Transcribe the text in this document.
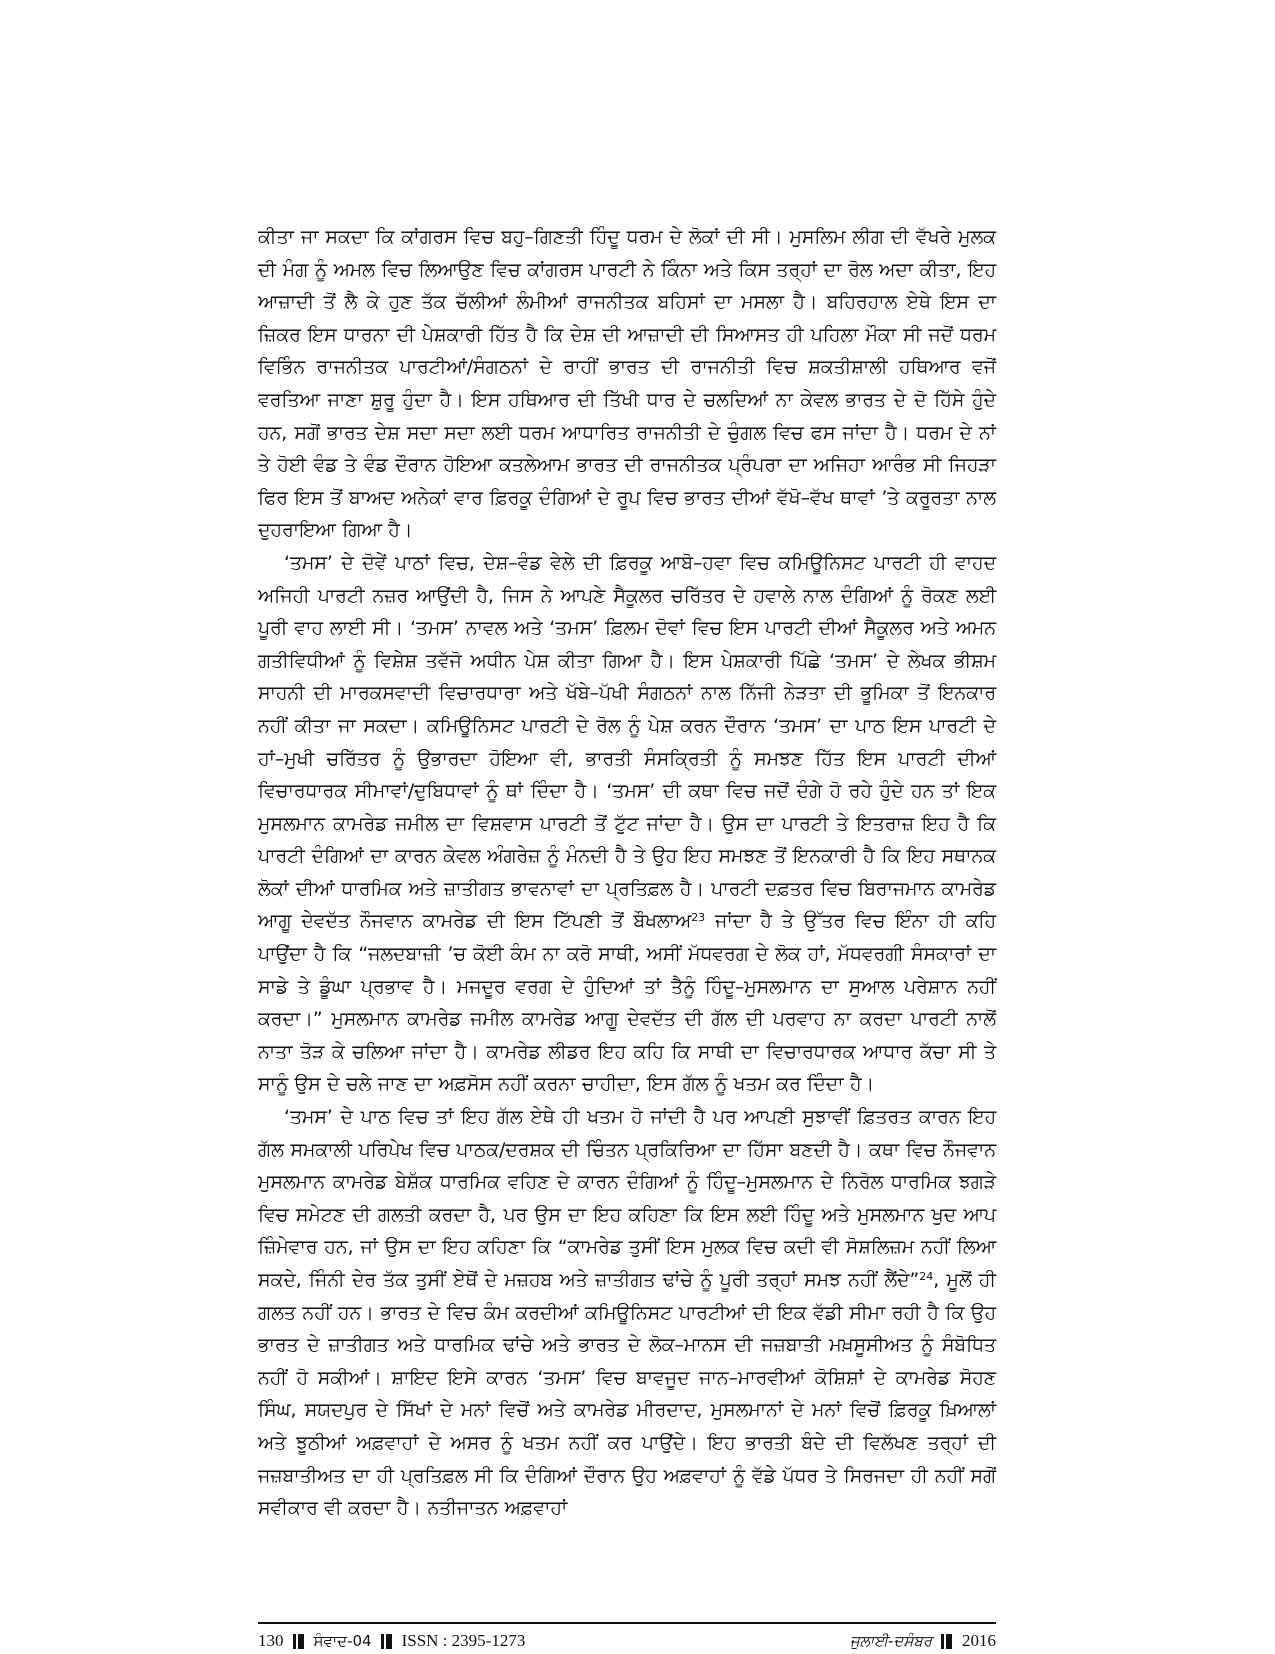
ਕੀਤਾ ਜਾ ਸਕਦਾ ਕਿ ਕਾਂਗਰਸ ਵਿਚ ਬਹੁ–ਗਿਣਤੀ ਹਿੰਦੂ ਧਰਮ ਦੇ ਲੋਕਾਂ ਦੀ ਸੀ। ਮੁਸਲਿਮ ਲੀਗ ਦੀ ਵੱਖਰੇ ਮੁਲਕ ਦੀ ਮੰਗ ਨੂੰ ਅਮਲ ਵਿਚ ਲਿਆਉਣ ਵਿਚ ਕਾਂਗਰਸ ਪਾਰਟੀ ਨੇ ਕਿੰਨਾ ਅਤੇ ਕਿਸ ਤਰ੍ਹਾਂ ਦਾ ਰੋਲ ਅਦਾ ਕੀਤਾ, ਇਹ ਆਜ਼ਾਦੀ ਤੋਂ ਲੈ ਕੇ ਹੁਣ ਤੱਕ ਚੱਲੀਆਂ ਲੰਮੀਆਂ ਰਾਜਨੀਤਕ ਬਹਿਸਾਂ ਦਾ ਮਸਲਾ ਹੈ। ਬਹਿਰਹਾਲ ਏਥੇ ਇਸ ਦਾ ਜ਼ਿਕਰ ਇਸ ਧਾਰਨਾ ਦੀ ਪੇਸ਼ਕਾਰੀ ਹਿੱਤ ਹੈ ਕਿ ਦੇਸ਼ ਦੀ ਆਜ਼ਾਦੀ ਦੀ ਸਿਆਸਤ ਹੀ ਪਹਿਲਾ ਮੌਕਾ ਸੀ ਜਦੋਂ ਧਰਮ ਵਿਭਿੰਨ ਰਾਜਨੀਤਕ ਪਾਰਟੀਆਂ/ਸੰਗਠਨਾਂ ਦੇ ਰਾਹੀਂ ਭਾਰਤ ਦੀ ਰਾਜਨੀਤੀ ਵਿਚ ਸ਼ਕਤੀਸ਼ਾਲੀ ਹਥਿਆਰ ਵਜੋਂ ਵਰਤਿਆ ਜਾਣਾ ਸ਼ੁਰੂ ਹੁੰਦਾ ਹੈ। ਇਸ ਹਥਿਆਰ ਦੀ ਤਿੱਖੀ ਧਾਰ ਦੇ ਚਲਦਿਆਂ ਨਾ ਕੇਵਲ ਭਾਰਤ ਦੇ ਦੋ ਹਿੱਸੇ ਹੁੰਦੇ ਹਨ, ਸਗੋਂ ਭਾਰਤ ਦੇਸ਼ ਸਦਾ ਸਦਾ ਲਈ ਧਰਮ ਆਧਾਰਿਤ ਰਾਜਨੀਤੀ ਦੇ ਚੁੰਗਲ ਵਿਚ ਫਸ ਜਾਂਦਾ ਹੈ। ਧਰਮ ਦੇ ਨਾਂ ਤੇ ਹੋਈ ਵੰਡ ਤੇ ਵੰਡ ਦੌਰਾਨ ਹੋਇਆ ਕਤਲੇਆਮ ਭਾਰਤ ਦੀ ਰਾਜਨੀਤਕ ਪ੍ਰੰਪਰਾ ਦਾ ਅਜਿਹਾ ਆਰੰਭ ਸੀ ਜਿਹੜਾ ਫਿਰ ਇਸ ਤੋਂ ਬਾਅਦ ਅਨੇਕਾਂ ਵਾਰ ਫ਼ਿਰਕੂ ਦੰਗਿਆਂ ਦੇ ਰੂਪ ਵਿਚ ਭਾਰਤ ਦੀਆਂ ਵੱਖੋ–ਵੱਖ ਥਾਵਾਂ ’ਤੇ ਕਰੂਰਤਾ ਨਾਲ ਦੁਹਰਾਇਆ ਗਿਆ ਹੈ।

‘ਤਮਸ’ ਦੇ ਦੋਵੇਂ ਪਾਠਾਂ ਵਿਚ, ਦੇਸ਼–ਵੰਡ ਵੇਲੇ ਦੀ ਫ਼ਿਰਕੂ ਆਬੋ–ਹਵਾ ਵਿਚ ਕਮਿਊਨਿਸਟ ਪਾਰਟੀ ਹੀ ਵਾਹਦ ਅਜਿਹੀ ਪਾਰਟੀ ਨਜ਼ਰ ਆਉਂਦੀ ਹੈ, ਜਿਸ ਨੇ ਆਪਣੇ ਸੈਕੂਲਰ ਚਰਿੱਤਰ ਦੇ ਹਵਾਲੇ ਨਾਲ ਦੰਗਿਆਂ ਨੂੰ ਰੋਕਣ ਲਈ ਪੂਰੀ ਵਾਹ ਲਾਈ ਸੀ। ‘ਤਮਸ’ ਨਾਵਲ ਅਤੇ ‘ਤਮਸ’ ਫ਼ਿਲਮ ਦੋਵਾਂ ਵਿਚ ਇਸ ਪਾਰਟੀ ਦੀਆਂ ਸੈਕੂਲਰ ਅਤੇ ਅਮਨ ਗਤੀਵਿਧੀਆਂ ਨੂੰ ਵਿਸ਼ੇਸ਼ ਤਵੱਜੋ ਅਧੀਨ ਪੇਸ਼ ਕੀਤਾ ਗਿਆ ਹੈ। ਇਸ ਪੇਸ਼ਕਾਰੀ ਪਿੱਛੇ ‘ਤਮਸ’ ਦੇ ਲੇਖਕ ਭੀਸ਼ਮ ਸਾਹਨੀ ਦੀ ਮਾਰਕਸਵਾਦੀ ਵਿਚਾਰਧਾਰਾ ਅਤੇ ਖੱਬੇ–ਪੱਖੀ ਸੰਗਠਨਾਂ ਨਾਲ ਨਿੱਜੀ ਨੇੜਤਾ ਦੀ ਭੂਮਿਕਾ ਤੋਂ ਇਨਕਾਰ ਨਹੀਂ ਕੀਤਾ ਜਾ ਸਕਦਾ। ਕਮਿਊਨਿਸਟ ਪਾਰਟੀ ਦੇ ਰੋਲ ਨੂੰ ਪੇਸ਼ ਕਰਨ ਦੌਰਾਨ ‘ਤਮਸ’ ਦਾ ਪਾਠ ਇਸ ਪਾਰਟੀ ਦੇ ਹਾਂ–ਮੁਖੀ ਚਰਿੱਤਰ ਨੂੰ ਉਭਾਰਦਾ ਹੋਇਆ ਵੀ, ਭਾਰਤੀ ਸੰਸਕ੍ਰਿਤੀ ਨੂੰ ਸਮਝਣ ਹਿੱਤ ਇਸ ਪਾਰਟੀ ਦੀਆਂ ਵਿਚਾਰਧਾਰਕ ਸੀਮਾਵਾਂ/ਦੁਬਿਧਾਵਾਂ ਨੂੰ ਥਾਂ ਦਿੰਦਾ ਹੈ। ‘ਤਮਸ’ ਦੀ ਕਥਾ ਵਿਚ ਜਦੋਂ ਦੰਗੇ ਹੋ ਰਹੇ ਹੁੰਦੇ ਹਨ ਤਾਂ ਇਕ ਮੁਸਲਮਾਨ ਕਾਮਰੇਡ ਜਮੀਲ ਦਾ ਵਿਸ਼ਵਾਸ ਪਾਰਟੀ ਤੋਂ ਟੁੱਟ ਜਾਂਦਾ ਹੈ। ਉਸ ਦਾ ਪਾਰਟੀ ਤੇ ਇਤਰਾਜ਼ ਇਹ ਹੈ ਕਿ ਪਾਰਟੀ ਦੰਗਿਆਂ ਦਾ ਕਾਰਨ ਕੇਵਲ ਅੰਗਰੇਜ਼ ਨੂੰ ਮੰਨਦੀ ਹੈ ਤੇ ਉਹ ਇਹ ਸਮਝਣ ਤੋਂ ਇਨਕਾਰੀ ਹੈ ਕਿ ਇਹ ਸਥਾਨਕ ਲੋਕਾਂ ਦੀਆਂ ਧਾਰਮਿਕ ਅਤੇ ਜ਼ਾਤੀਗਤ ਭਾਵਨਾਵਾਂ ਦਾ ਪ੍ਰਤਿਫ਼ਲ ਹੈ। ਪਾਰਟੀ ਦਫ਼ਤਰ ਵਿਚ ਬਿਰਾਜਮਾਨ ਕਾਮਰੇਡ ਆਗੂ ਦੇਵਦੱਤ ਨੌਜਵਾਨ ਕਾਮਰੇਡ ਦੀ ਇਸ ਟਿੱਪਣੀ ਤੋਂ ਬੌਖਲਾਅ$^{23}$ ਜਾਂਦਾ ਹੈ ਤੇ ਉੱਤਰ ਵਿਚ ਇੰਨਾ ਹੀ ਕਹਿ ਪਾਉਂਦਾ ਹੈ ਕਿ “ਜਲਦਬਾਜ਼ੀ ’ਚ ਕੋਈ ਕੰਮ ਨਾ ਕਰੋ ਸਾਥੀ, ਅਸੀਂ ਮੱਧਵਰਗ ਦੇ ਲੋਕ ਹਾਂ, ਮੱਧਵਰਗੀ ਸੰਸਕਾਰਾਂ ਦਾ ਸਾਡੇ ਤੇ ਡੂੰਘਾ ਪ੍ਰਭਾਵ ਹੈ। ਮਜਦੂਰ ਵਰਗ ਦੇ ਹੁੰਦਿਆਂ ਤਾਂ ਤੈਨੂੰ ਹਿੰਦੂ–ਮੁਸਲਮਾਨ ਦਾ ਸੁਆਲ ਪਰੇਸ਼ਾਨ ਨਹੀਂ ਕਰਦਾ।” ਮੁਸਲਮਾਨ ਕਾਮਰੇਡ ਜਮੀਲ ਕਾਮਰੇਡ ਆਗੂ ਦੇਵਦੱਤ ਦੀ ਗੱਲ ਦੀ ਪਰਵਾਹ ਨਾ ਕਰਦਾ ਪਾਰਟੀ ਨਾਲੋਂ ਨਾਤਾ ਤੋੜ ਕੇ ਚਲਿਆ ਜਾਂਦਾ ਹੈ। ਕਾਮਰੇਡ ਲੀਡਰ ਇਹ ਕਹਿ ਕਿ ਸਾਥੀ ਦਾ ਵਿਚਾਰਧਾਰਕ ਆਧਾਰ ਕੱਚਾ ਸੀ ਤੇ ਸਾਨੂੰ ਉਸ ਦੇ ਚਲੇ ਜਾਣ ਦਾ ਅਫ਼ਸੋਸ ਨਹੀਂ ਕਰਨਾ ਚਾਹੀਦਾ, ਇਸ ਗੱਲ ਨੂੰ ਖਤਮ ਕਰ ਦਿੰਦਾ ਹੈ।

‘ਤਮਸ’ ਦੇ ਪਾਠ ਵਿਚ ਤਾਂ ਇਹ ਗੱਲ ਏਥੇ ਹੀ ਖਤਮ ਹੋ ਜਾਂਦੀ ਹੈ ਪਰ ਆਪਣੀ ਸੁਝਾਵੀਂ ਫ਼ਿਤਰਤ ਕਾਰਨ ਇਹ ਗੱਲ ਸਮਕਾਲੀ ਪਰਿਪੇਖ ਵਿਚ ਪਾਠਕ/ਦਰਸ਼ਕ ਦੀ ਚਿੰਤਨ ਪ੍ਰਕਿਰਿਆ ਦਾ ਹਿੱਸਾ ਬਣਦੀ ਹੈ। ਕਥਾ ਵਿਚ ਨੌਜਵਾਨ ਮੁਸਲਮਾਨ ਕਾਮਰੇਡ ਬੇਸ਼ੱਕ ਧਾਰਮਿਕ ਵਹਿਣ ਦੇ ਕਾਰਨ ਦੰਗਿਆਂ ਨੂੰ ਹਿੰਦੂ–ਮੁਸਲਮਾਨ ਦੇ ਨਿਰੋਲ ਧਾਰਮਿਕ ਝਗੜੇ ਵਿਚ ਸਮੇਟਣ ਦੀ ਗਲਤੀ ਕਰਦਾ ਹੈ, ਪਰ ਉਸ ਦਾ ਇਹ ਕਹਿਣਾ ਕਿ ਇਸ ਲਈ ਹਿੰਦੂ ਅਤੇ ਮੁਸਲਮਾਨ ਖੁਦ ਆਪ ਜ਼ਿੰਮੇਵਾਰ ਹਨ, ਜਾਂ ਉਸ ਦਾ ਇਹ ਕਹਿਣਾ ਕਿ “ਕਾਮਰੇਡ ਤੁਸੀਂ ਇਸ ਮੁਲਕ ਵਿਚ ਕਦੀ ਵੀ ਸੋਸ਼ਲਿਜ਼ਮ ਨਹੀਂ ਲਿਆ ਸਕਦੇ, ਜਿੰਨੀ ਦੇਰ ਤੱਕ ਤੁਸੀਂ ਏਥੋਂ ਦੇ ਮਜ਼ਹਬ ਅਤੇ ਜ਼ਾਤੀਗਤ ਢਾਂਚੇ ਨੂੰ ਪੂਰੀ ਤਰ੍ਹਾਂ ਸਮਝ ਨਹੀਂ ਲੈਂਦੇ”$^{24}$, ਮੂਲੋਂ ਹੀ ਗਲਤ ਨਹੀਂ ਹਨ। ਭਾਰਤ ਦੇ ਵਿਚ ਕੰਮ ਕਰਦੀਆਂ ਕਮਿਊਨਿਸਟ ਪਾਰਟੀਆਂ ਦੀ ਇਕ ਵੱਡੀ ਸੀਮਾ ਰਹੀ ਹੈ ਕਿ ਉਹ ਭਾਰਤ ਦੇ ਜ਼ਾਤੀਗਤ ਅਤੇ ਧਾਰਮਿਕ ਢਾਂਚੇ ਅਤੇ ਭਾਰਤ ਦੇ ਲੋਕ–ਮਾਨਸ ਦੀ ਜਜ਼ਬਾਤੀ ਮਖ਼ਸੂਸੀਅਤ ਨੂੰ ਸੰਬੋਧਿਤ ਨਹੀਂ ਹੋ ਸਕੀਆਂ। ਸ਼ਾਇਦ ਇਸੇ ਕਾਰਨ ‘ਤਮਸ’ ਵਿਚ ਬਾਵਜੂਦ ਜਾਨ–ਮਾਰਵੀਆਂ ਕੋਸ਼ਿਸ਼ਾਂ ਦੇ ਕਾਮਰੇਡ ਸੋਹਣ ਸਿੰਘ, ਸਯਦਪੁਰ ਦੇ ਸਿੱਖਾਂ ਦੇ ਮਨਾਂ ਵਿਚੋਂ ਅਤੇ ਕਾਮਰੇਡ ਮੀਰਦਾਦ, ਮੁਸਲਮਾਨਾਂ ਦੇ ਮਨਾਂ ਵਿਚੋਂ ਫ਼ਿਰਕੂ ਖ਼ਿਆਲਾਂ ਅਤੇ ਝੂਠੀਆਂ ਅਫ਼ਵਾਹਾਂ ਦੇ ਅਸਰ ਨੂੰ ਖਤਮ ਨਹੀਂ ਕਰ ਪਾਉਂਦੇ। ਇਹ ਭਾਰਤੀ ਬੰਦੇ ਦੀ ਵਿਲੱਖਣ ਤਰ੍ਹਾਂ ਦੀ ਜਜ਼ਬਾਤੀਅਤ ਦਾ ਹੀ ਪ੍ਰਤਿਫ਼ਲ ਸੀ ਕਿ ਦੰਗਿਆਂ ਦੌਰਾਨ ਉਹ ਅਫ਼ਵਾਹਾਂ ਨੂੰ ਵੱਡੇ ਪੱਧਰ ਤੇ ਸਿਰਜਦਾ ਹੀ ਨਹੀਂ ਸਗੋਂ ਸਵੀਕਾਰ ਵੀ ਕਰਦਾ ਹੈ। ਨਤੀਜਾਤਨ ਅਫ਼ਵਾਹਾਂ

130 ਸੰਵਾਦ-04 ISSN : 2395-1273	ਜੁਲਾਈ-ਦਸੰਬਰ 2016
